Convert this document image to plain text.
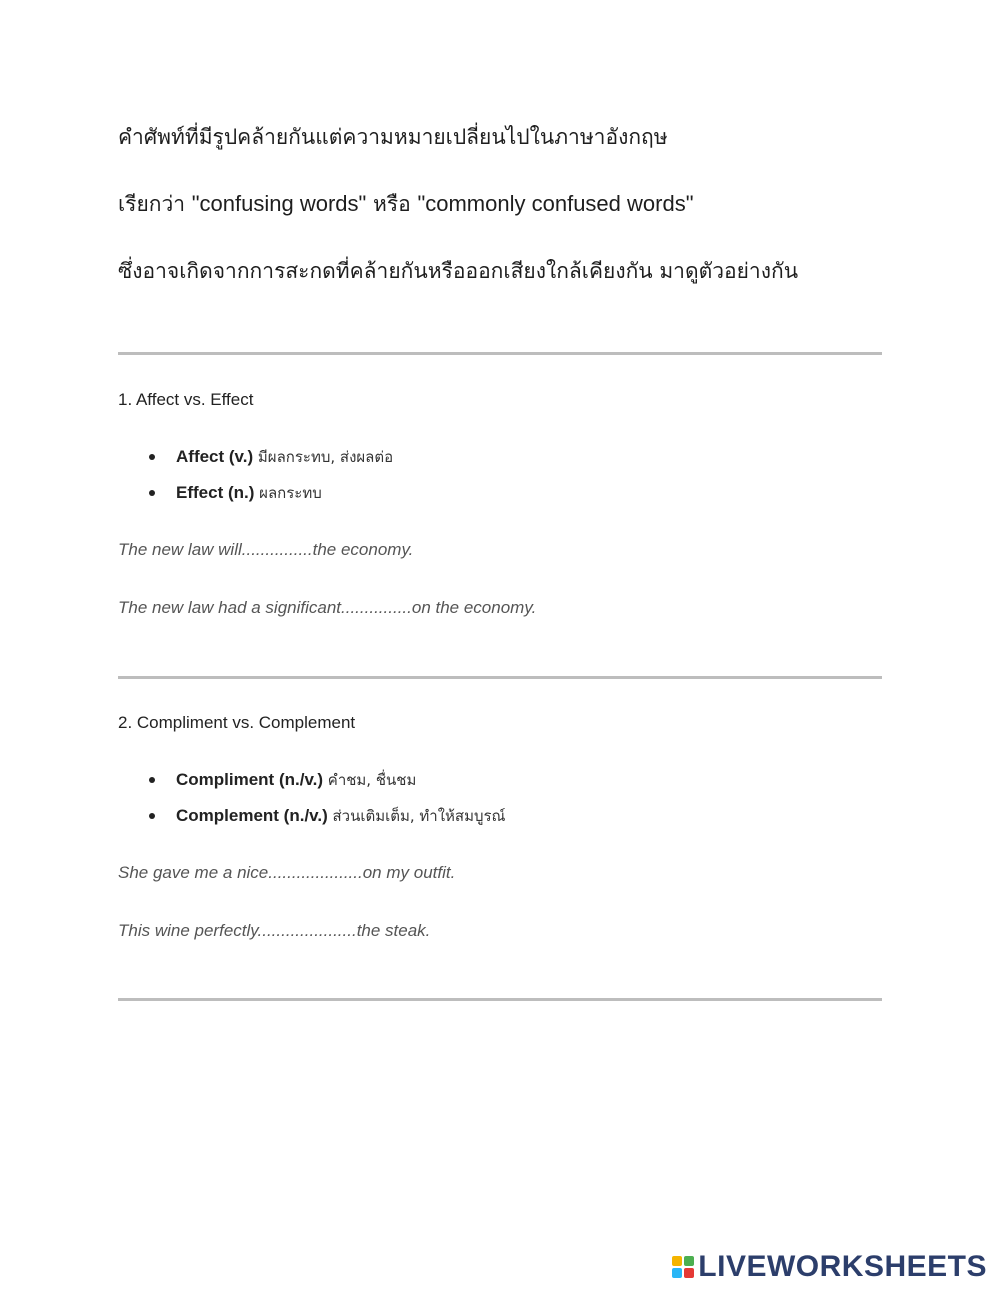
คำศัพท์ที่มีรูปคล้ายกันแต่ความหมายเปลี่ยนไปในภาษาอังกฤษ
เรียกว่า "confusing words" หรือ "commonly confused words"
ซึ่งอาจเกิดจากการสะกดที่คล้ายกันหรือออกเสียงใกล้เคียงกัน มาดูตัวอย่างกัน
1. Affect vs. Effect
Affect (v.) มีผลกระทบ, ส่งผลต่อ
Effect (n.) ผลกระทบ
The new law will...............the economy.
The new law had a significant...............on the economy.
2. Compliment vs. Complement
Compliment (n./v.) คำชม, ชื่นชม
Complement (n./v.) ส่วนเติมเต็ม, ทำให้สมบูรณ์
She gave me a nice....................on my outfit.
This wine perfectly.....................the steak.
LIVEWORKSHEETS
